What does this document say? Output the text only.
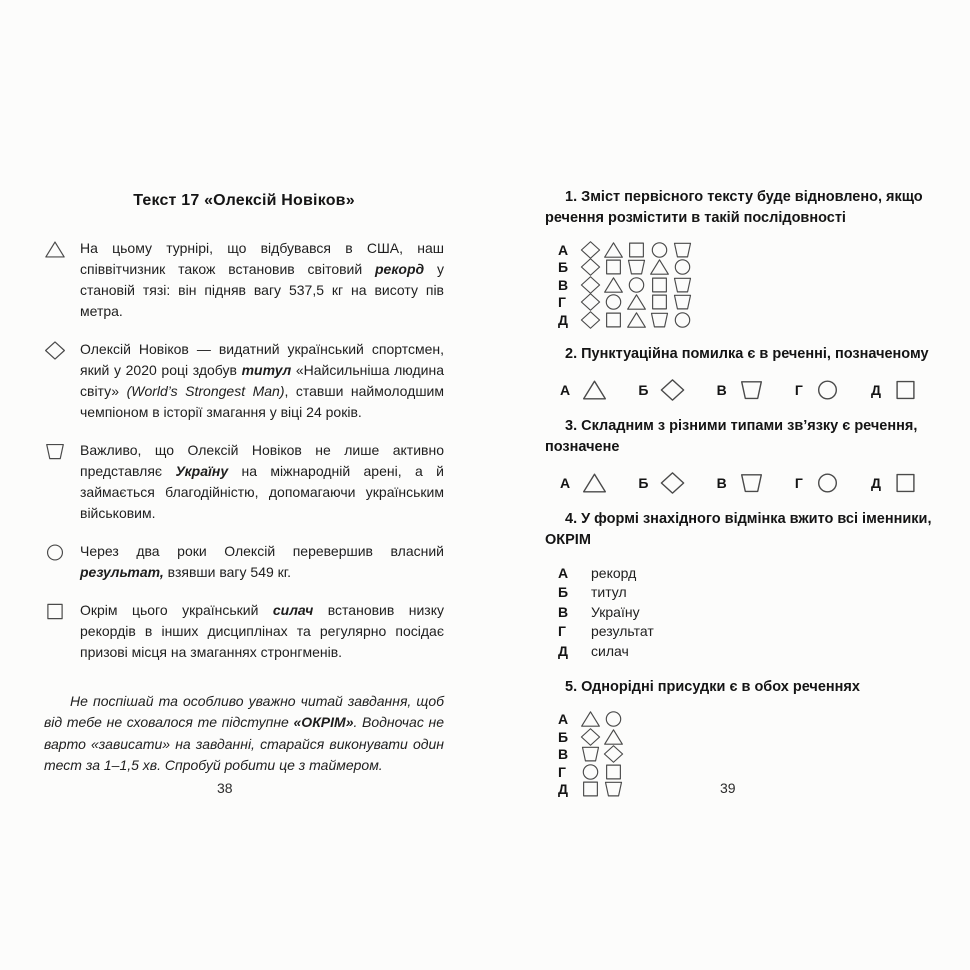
Текст 17 «Олексій Новіков»
На цьому турнірі, що відбувався в США, наш співвітчизник також встановив світовий рекорд у становій тязі: він підняв вагу 537,5 кг на висоту пів метра.
Олексій Новіков — видатний український спортсмен, який у 2020 році здобув титул «Найсильніша людина світу» (World’s Strongest Man), ставши наймолодшим чемпіоном в історії змагання у віці 24 років.
Важливо, що Олексій Новіков не лише активно представляє Україну на міжнародній арені, а й займається благодійністю, допомагаючи українським військовим.
Через два роки Олексій перевершив власний результат, взявши вагу 549 кг.
Окрім цього український силач встановив низку рекордів в інших дисциплінах та регулярно посідає призові місця на змаганнях стронгменів.
Не поспішай та особливо уважно читай завдання, щоб від тебе не сховалося те підступне «ОКРІМ». Водночас не варто «зависати» на завданні, старайся виконувати один тест за 1–1,5 хв. Спробуй робити це з таймером.

1. Зміст первісного тексту буде відновлено, якщо речення розмістити в такій послідовності

А
Б
В
Г
Д

2. Пунктуаційна помилка є в реченні, позначеному

А	Б	В	Г	Д

3. Складним з різними типами зв’язку є речення, позначене

А	Б	В	Г	Д

4. У формі знахідного відмінка вжито всі іменники, ОКРІМ

А	рекорд
Б	титул
В	Україну
Г	результат
Д	силач

5. Однорідні присудки є в обох реченнях

А
Б
В
Г
Д
38	39
